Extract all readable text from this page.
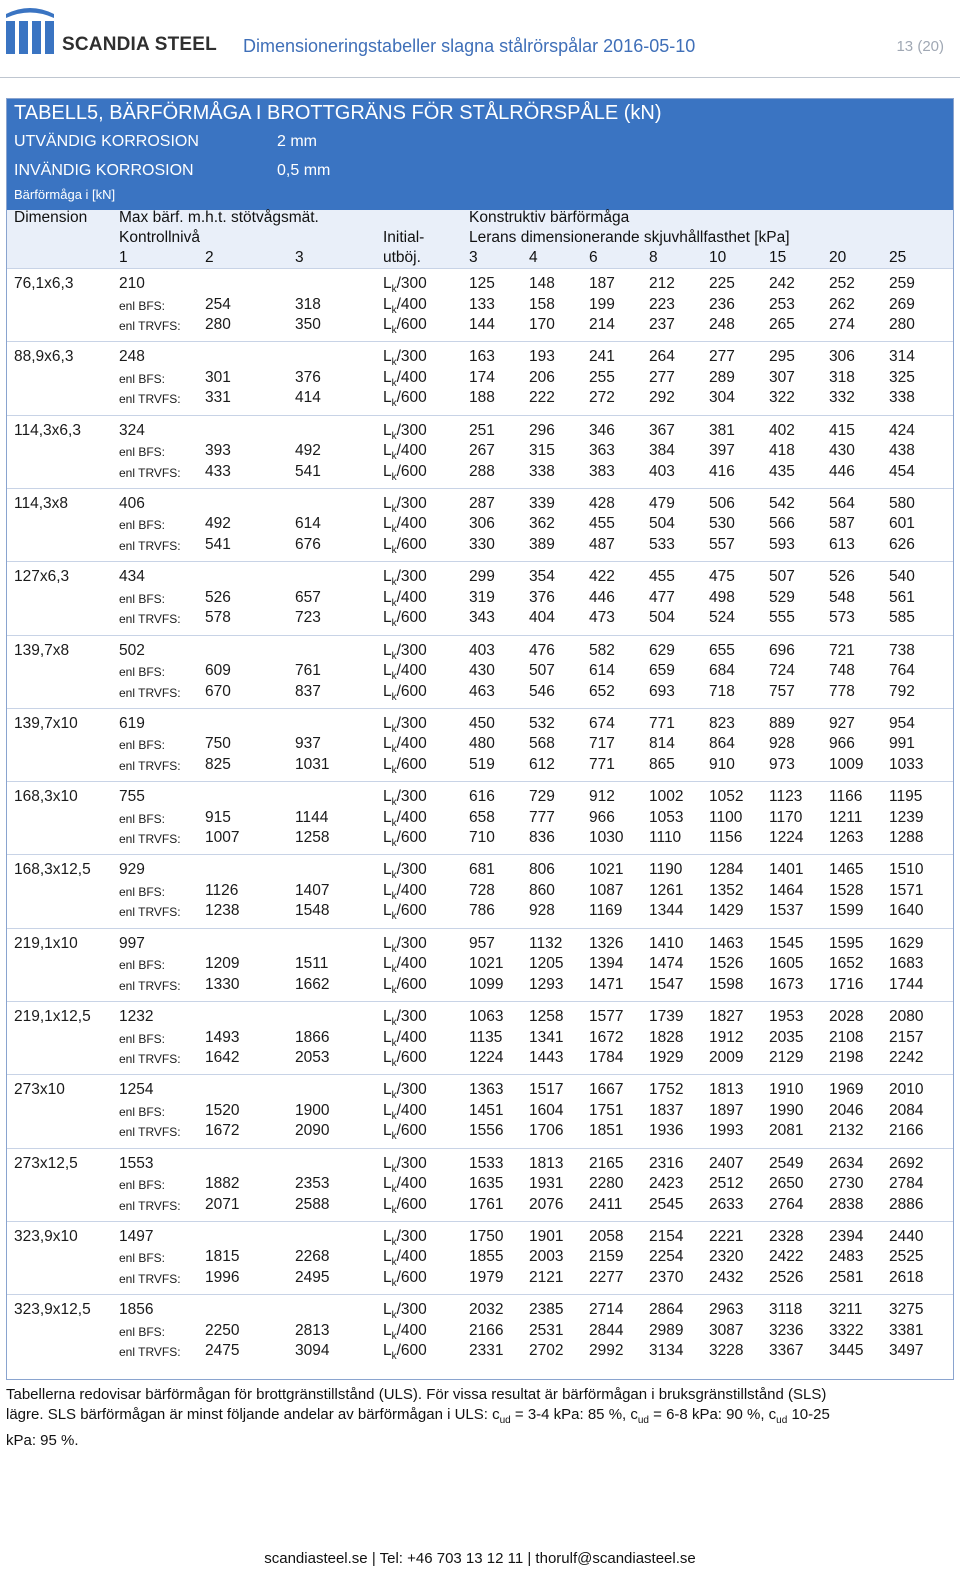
SCANDIA STEEL Dimensioneringstabeller slagna stålrörspålar 2016-05-10	13 (20)
TABELL5, BÄRFÖRMÅGA I BROTTGRÄNS FÖR STÅLRÖRSPÅLE (kN)
UTVÄNDIG KORROSION	2 mm
INVÄNDIG KORROSION	0,5 mm
Bärförmåga i [kN]
Dimension Max bärf. m.h.t. stötvågsmät.	Konstruktiv bärförmåga
Kontrollnivå	Initial-	Lerans dimensionerande skjuvhållfasthet [kPa]
1	2	3	utböj.	3	4	6	8	10	15	20	25
76,1x6,3	210	$L_k/300$	125 148 187 212 225 242 252 259
enl BFS:	254	318	$L_k/400$	133 158 199 223 236 253 262 269
enl TRVFS: 280	350	$L_k/600$	144 170 214 237 248 265 274 280
88,9x6,3	248	$L_k/300$	163 193 241 264 277 295 306 314
enl BFS:	301	376	$L_k/400$	174 206 255 277 289 307 318 325
enl TRVFS: 331	414	$L_k/600$	188 222 272 292 304 322 332 338
114,3x6,3 324	$L_k/300$	251 296 346 367 381 402 415 424
enl BFS:	393	492	$L_k/400$	267 315 363 384 397 418 430 438
enl TRVFS: 433	541	$L_k/600$	288 338 383 403 416 435 446 454
114,3x8	406	$L_k/300$	287 339 428 479 506 542 564 580
enl BFS:	492	614	$L_k/400$	306 362 455 504 530 566 587 601
enl TRVFS: 541	676	$L_k/600$	330 389 487 533 557 593 613 626
127x6,3	434	$L_k/300$	299 354 422 455 475 507 526 540
enl BFS:	526	657	$L_k/400$	319 376 446 477 498 529 548 561
enl TRVFS: 578	723	$L_k/600$	343 404 473 504 524 555 573 585
139,7x8	502	$L_k/300$	403 476 582 629 655 696 721 738
enl BFS:	609	761	$L_k/400$	430 507 614 659 684 724 748 764
enl TRVFS: 670	837	$L_k/600$	463 546 652 693 718 757 778 792
139,7x10	619	$L_k/300$	450 532 674 771 823 889 927 954
enl BFS:	750	937	$L_k/400$	480 568 717 814 864 928 966 991
enl TRVFS: 825	1031	$L_k/600$	519 612 771 865 910 973 1009 1033
168,3x10	755	$L_k/300$	616 729 912 1002 1052 1123 1166 1195
enl BFS:	915	1144	$L_k/400$	658 777 966 1053 1100 1170 1211 1239
enl TRVFS: 1007	1258	$L_k/600$	710 836 1030 1110 1156 1224 1263 1288
168,3x12,5 929	$L_k/300$	681 806 1021 1190 1284 1401 1465 1510
enl BFS:	1126	1407	$L_k/400$	728 860 1087 1261 1352 1464 1528 1571
enl TRVFS: 1238	1548	$L_k/600$	786 928 1169 1344 1429 1537 1599 1640
219,1x10	997	$L_k/300$	957 1132 1326 1410 1463 1545 1595 1629
enl BFS:	1209	1511	$L_k/400$	1021 1205 1394 1474 1526 1605 1652 1683
enl TRVFS: 1330	1662	$L_k/600$	1099 1293 1471 1547 1598 1673 1716 1744
219,1x12,5 1232	$L_k/300$	1063 1258 1577 1739 1827 1953 2028 2080
enl BFS:	1493	1866	$L_k/400$	1135 1341 1672 1828 1912 2035 2108 2157
enl TRVFS: 1642	2053	$L_k/600$	1224 1443 1784 1929 2009 2129 2198 2242
273x10	1254	$L_k/300$	1363 1517 1667 1752 1813 1910 1969 2010
enl BFS:	1520	1900	$L_k/400$	1451 1604 1751 1837 1897 1990 2046 2084
enl TRVFS: 1672	2090	$L_k/600$	1556 1706 1851 1936 1993 2081 2132 2166
273x12,5	1553	$L_k/300$	1533 1813 2165 2316 2407 2549 2634 2692
enl BFS:	1882	2353	$L_k/400$	1635 1931 2280 2423 2512 2650 2730 2784
enl TRVFS: 2071	2588	$L_k/600$	1761 2076 2411 2545 2633 2764 2838 2886
323,9x10	1497	$L_k/300$	1750 1901 2058 2154 2221 2328 2394 2440
enl BFS:	1815	2268	$L_k/400$	1855 2003 2159 2254 2320 2422 2483 2525
enl TRVFS: 1996	2495	$L_k/600$	1979 2121 2277 2370 2432 2526 2581 2618
323,9x12,5 1856	$L_k/300$	2032 2385 2714 2864 2963 3118 3211 3275
enl BFS:	2250	2813	$L_k/400$	2166 2531 2844 2989 3087 3236 3322 3381
enl TRVFS: 2475	3094	$L_k/600$	2331 2702 2992 3134 3228 3367 3445 3497
Tabellerna redovisar bärförmågan för brottgränstillstånd (ULS). För vissa resultat är bärförmågan i bruksgränstillstånd (SLS)
lägre. SLS bärförmågan är minst följande andelar av bärförmågan i ULS: $c_{ud} = 3-4$ kPa: 85 %, $c_{ud} = 6-8$ kPa: 90 %, $c_{ud}$ 10-25
kPa: 95 %.
scandiasteel.se | Tel: +46 703 13 12 11 | thorulf@scandiasteel.se
